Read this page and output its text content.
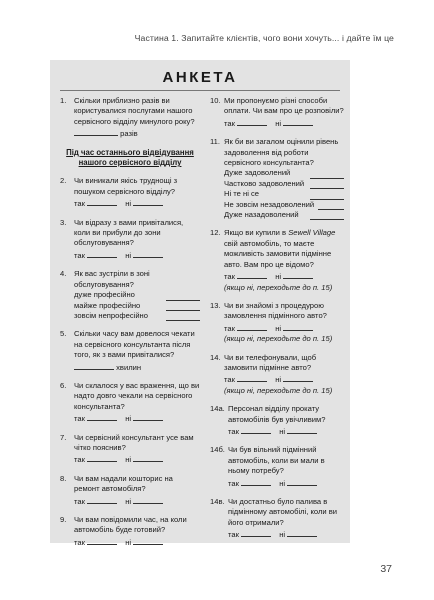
Частина 1. Запитайте клієнтів, чого вони хочуть... і дайте їм це
АНКЕТА
1. Скільки приблизно разів ви користувалися послугами нашого сервісного відділу минулого року?
разів
Під час останнього відвідування нашого сервісного відділу
2. Чи виникали якісь труднощі з пошуком сервісного відділу?
так	ні
3. Чи відразу з вами привіталися, коли ви прибули до зони обслуговування?
так	ні
4. Як вас зустріли в зоні обслуговування?
дуже професійно
майже професійно
зовсім непрофесійно
5. Скільки часу вам довелося чекати на сервісного консультанта після того, як з вами привіталися?
хвилин
6. Чи склалося у вас враження, що ви надто довго чекали на сервісного консультанта?
так	ні
7. Чи сервісний консультант усе вам чітко пояснив?
так	ні
8. Чи вам надали кошторис на ремонт автомобіля?
так	ні
9. Чи вам повідомили час, на коли автомобіль буде готовий?
так	ні
10. Ми пропонуємо різні способи оплати. Чи вам про це розповіли?
так	ні
11. Як би ви загалом оцінили рівень задоволення від роботи сервісного консультанта?
Дуже задоволений
Частково задоволений
Ні те ні се
Не зовсім незадоволений
Дуже назадоволений
12. Якщо ви купили в Sewell Village свій автомобіль, то маєте можливість замовити підмінне авто. Вам про це відомо?
так	ні
(якщо ні, переходьте до п. 15)
13. Чи ви знайомі з процедурою замовлення підмінного авто?
так	ні
(якщо ні, переходьте до п. 15)
14. Чи ви телефонували, щоб замовити підмінне авто?
так	ні
(якщо ні, переходьте до п. 15)
14а. Персонал відділу прокату автомобілів був увічливим?
так	ні
14б. Чи був вільний підмінний автомобіль, коли ви мали в ньому потребу?
так	ні
14в. Чи достатньо було палива в підмінному автомобілі, коли ви його отримали?
так	ні
37
